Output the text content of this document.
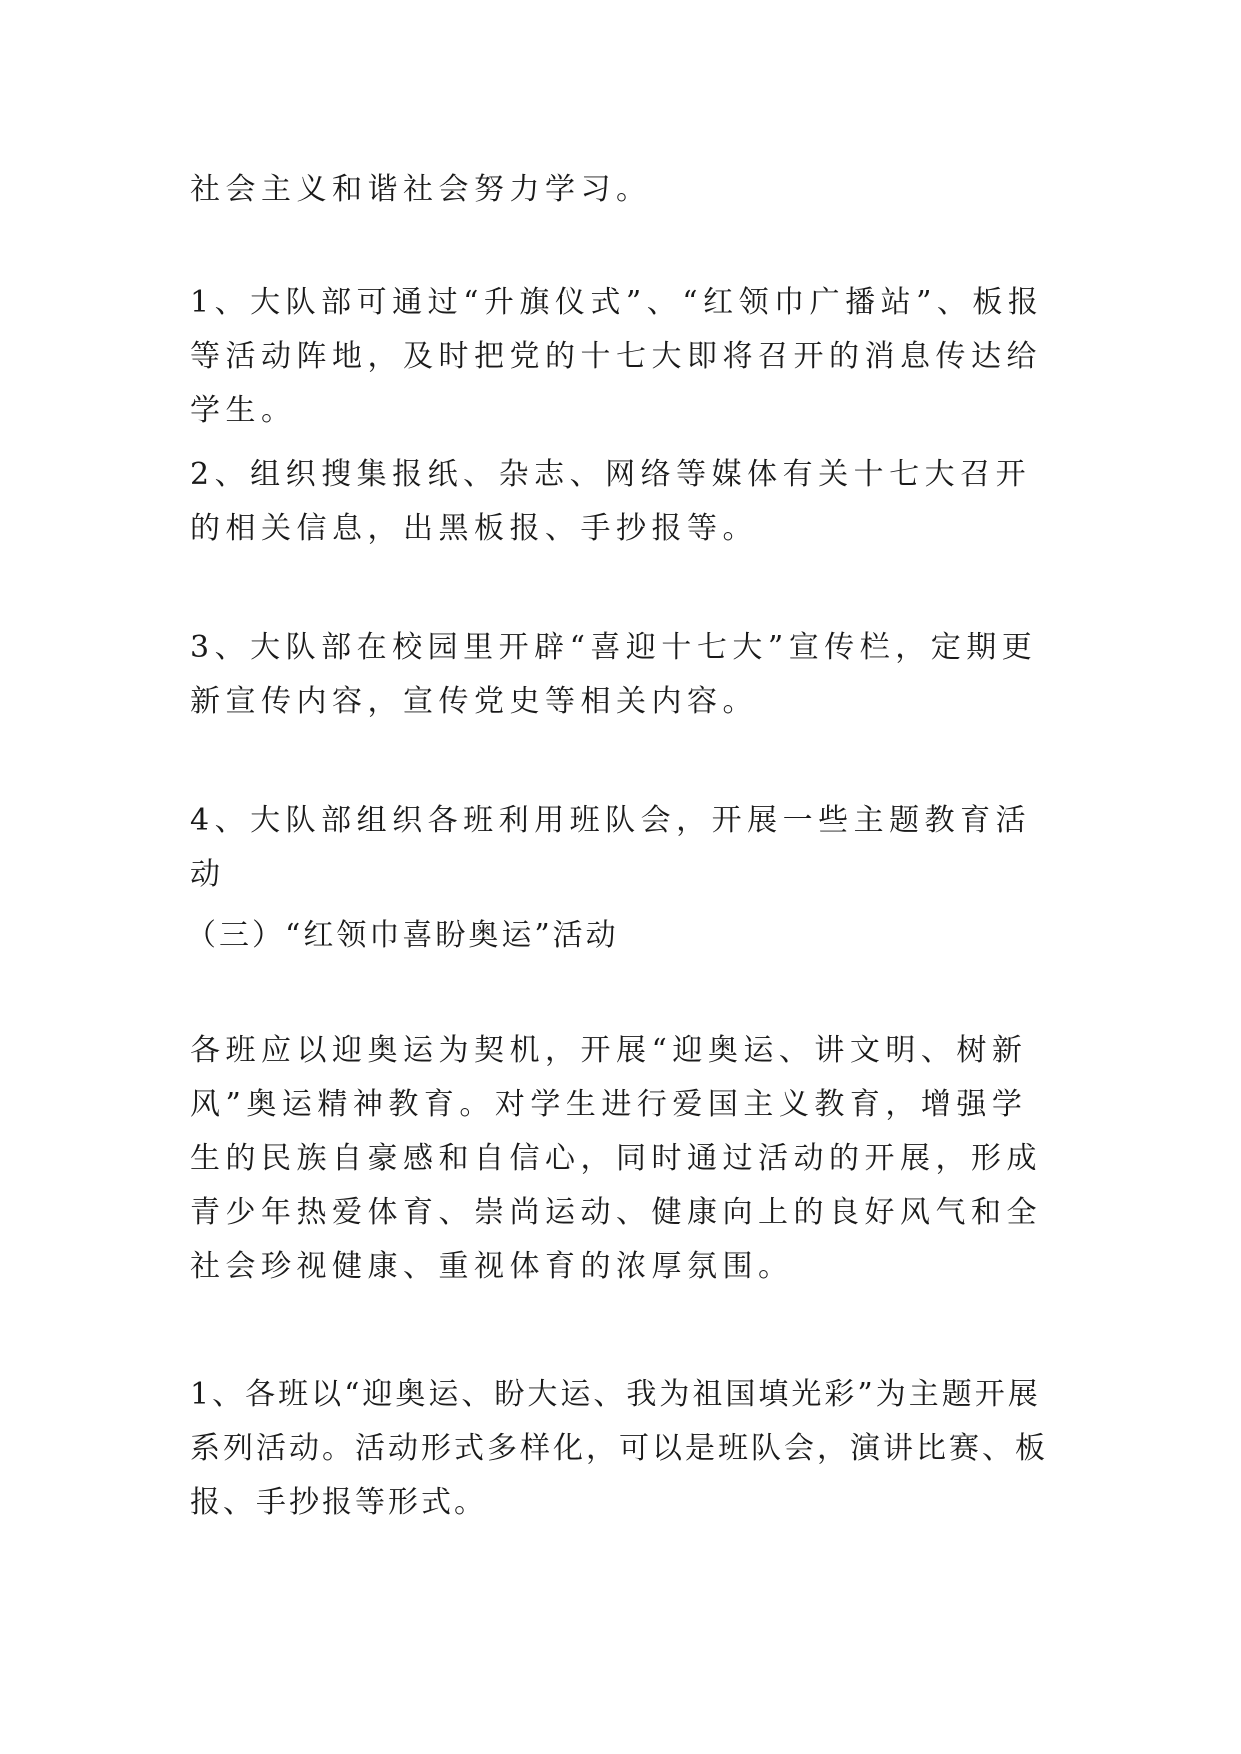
社会主义和谐社会努力学习。

1、大队部可通过“升旗仪式”、“红领巾广播站”、板报等活动阵地，及时把党的十七大即将召开的消息传达给学生。

2、组织搜集报纸、杂志、网络等媒体有关十七大召开的相关信息，出黑板报、手抄报等。

3、大队部在校园里开辟“喜迎十七大”宣传栏，定期更新宣传内容，宣传党史等相关内容。

4、大队部组织各班利用班队会，开展一些主题教育活动

（三）“红领巾喜盼奥运”活动

各班应以迎奥运为契机，开展“迎奥运、讲文明、树新风”奥运精神教育。对学生进行爱国主义教育，增强学生的民族自豪感和自信心，同时通过活动的开展，形成青少年热爱体育、崇尚运动、健康向上的良好风气和全社会珍视健康、重视体育的浓厚氛围。

1、各班以“迎奥运、盼大运、我为祖国填光彩”为主题开展系列活动。活动形式多样化，可以是班队会，演讲比赛、板报、手抄报等形式。
